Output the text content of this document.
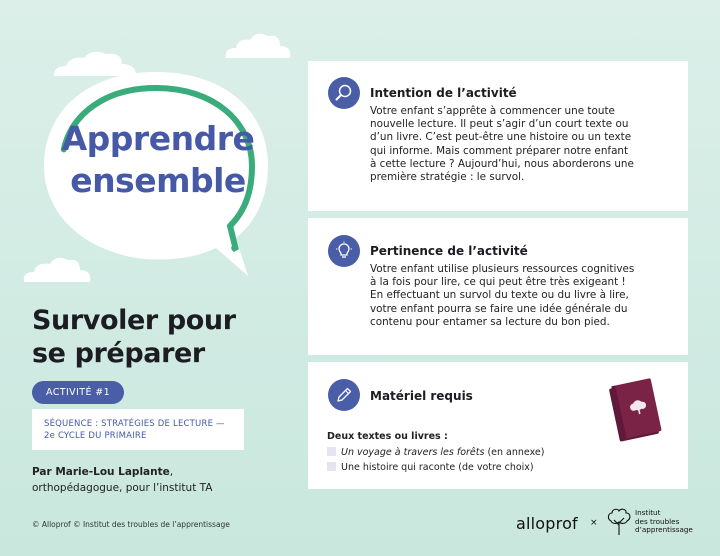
Apprendre
ensemble
Survoler pour
se préparer
ACTIVITÉ #1
SÉQUENCE : STRATÉGIES DE LECTURE —
2e CYCLE DU PRIMAIRE
Par Marie-Lou Laplante,
orthopédagogue, pour l’institut TA
© Alloprof © Institut des troubles de l’apprentissage
Intention de l’activité
Votre enfant s’apprête à commencer une toute
nouvelle lecture. Il peut s’agir d’un court texte ou
d’un livre. C’est peut-être une histoire ou un texte
qui informe. Mais comment préparer notre enfant
à cette lecture ? Aujourd’hui, nous aborderons une
première stratégie : le survol.
Pertinence de l’activité
Votre enfant utilise plusieurs ressources cognitives
à la fois pour lire, ce qui peut être très exigeant !
En effectuant un survol du texte ou du livre à lire,
votre enfant pourra se faire une idée générale du
contenu pour entamer sa lecture du bon pied.
Matériel requis
Deux textes ou livres :
Un voyage à travers les forêts (en annexe)
Une histoire qui raconte (de votre choix)
alloprof ×
Institut
des troubles
d’apprentissage
